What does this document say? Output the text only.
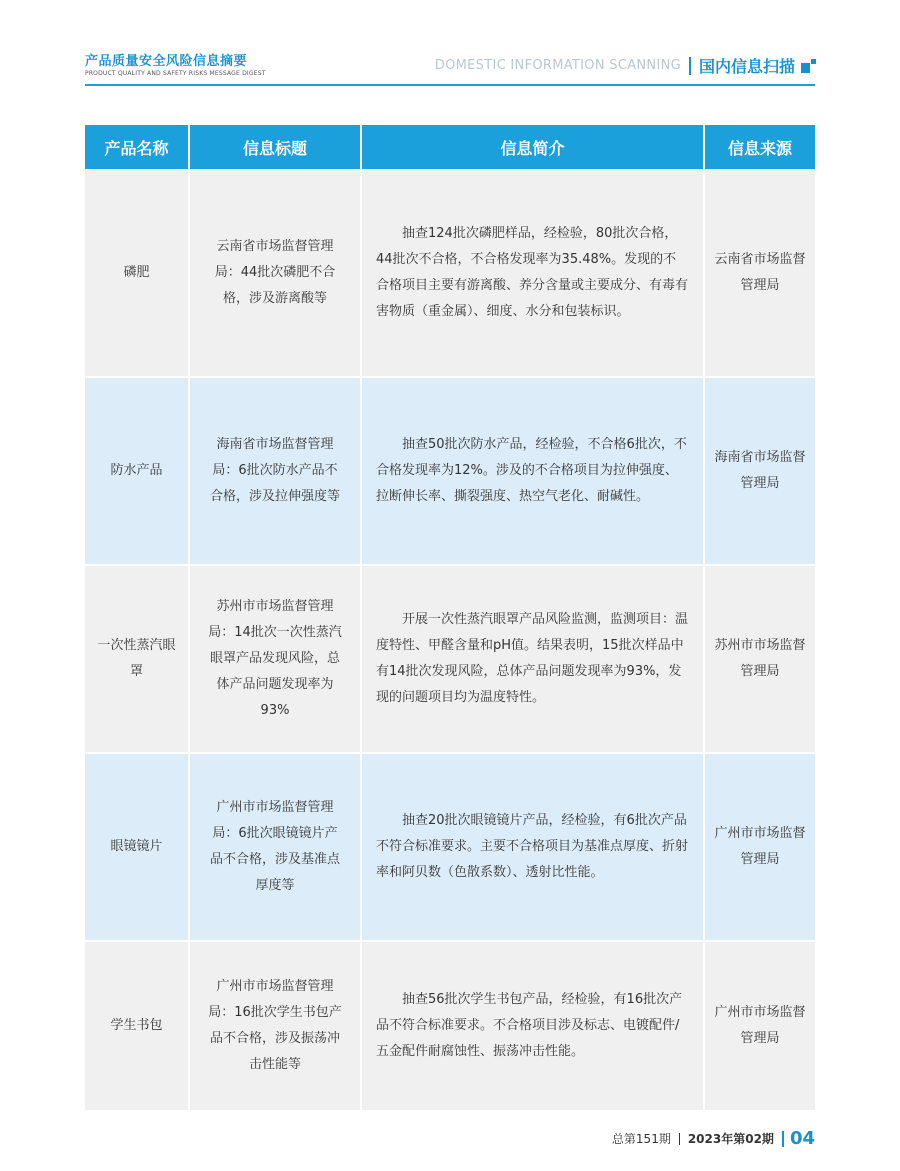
产品质量安全风险信息摘要
PRODUCT QUALITY AND SAFETY RISKS MESSAGE DIGEST
DOMESTIC INFORMATION SCANNING 国内信息扫描
产品名称	信息标题	信息简介	信息来源
磷肥	云南省市场监督管理局：44批次磷肥不合格，涉及游离酸等	抽查124批次磷肥样品，经检验，80批次合格，44批次不合格，不合格发现率为35.48%。发现的不合格项目主要有游离酸、养分含量或主要成分、有毒有害物质（重金属）、细度、水分和包装标识。	云南省市场监督管理局
防水产品	海南省市场监督管理局：6批次防水产品不合格，涉及拉伸强度等	抽查50批次防水产品，经检验，不合格6批次，不合格发现率为12%。涉及的不合格项目为拉伸强度、拉断伸长率、撕裂强度、热空气老化、耐碱性。	海南省市场监督管理局
一次性蒸汽眼罩	苏州市市场监督管理局：14批次一次性蒸汽眼罩产品发现风险，总体产品问题发现率为93%	开展一次性蒸汽眼罩产品风险监测，监测项目：温度特性、甲醛含量和pH值。结果表明，15批次样品中有14批次发现风险，总体产品问题发现率为93%，发现的问题项目均为温度特性。	苏州市市场监督管理局
眼镜镜片	广州市市场监督管理局：6批次眼镜镜片产品不合格，涉及基准点厚度等	抽查20批次眼镜镜片产品，经检验，有6批次产品不符合标准要求。主要不合格项目为基准点厚度、折射率和阿贝数（色散系数）、透射比性能。	广州市市场监督管理局
学生书包	广州市市场监督管理局：16批次学生书包产品不合格，涉及振荡冲击性能等	抽查56批次学生书包产品，经检验，有16批次产品不符合标准要求。不合格项目涉及标志、电镀配件/五金配件耐腐蚀性、振荡冲击性能。	广州市市场监督管理局
总第151期 2023年第02期 04
